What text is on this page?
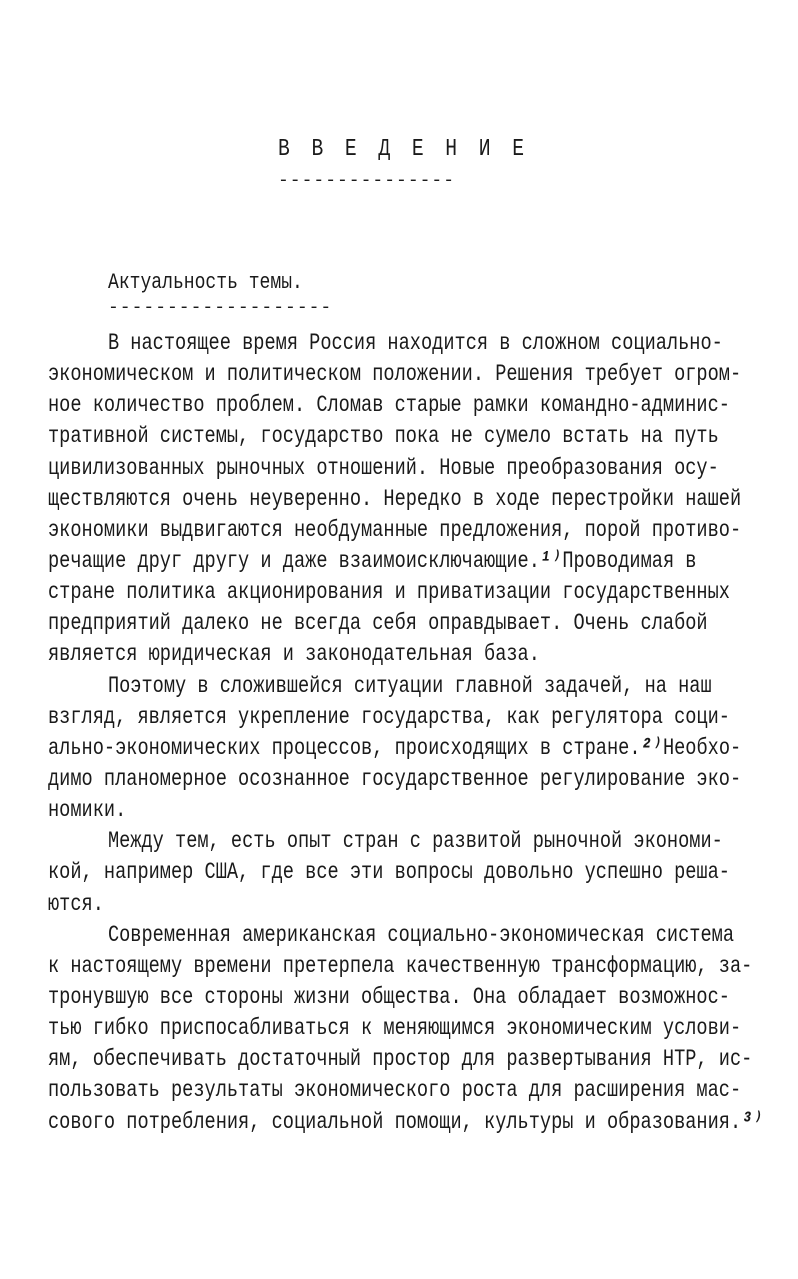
В В Е Д Е Н И Е
---------------
Актуальность темы.
-------------------
В настоящее время Россия находится в сложном социально-
экономическом и политическом положении. Решения требует огром-
ное количество проблем. Сломав старые рамки командно-админис-
тративной системы, государство пока не сумело встать на путь
цивилизованных рыночных отношений. Новые преобразования осу-
ществляются очень неуверенно. Нередко в ходе перестройки нашей
экономики выдвигаются необдуманные предложения, порой противо-
речащие друг другу и даже взаимоисключающие.¹⁾Проводимая в
стране политика акционирования и приватизации государственных
предприятий далеко не всегда себя оправдывает. Очень слабой
является юридическая и законодательная база.
Поэтому в сложившейся ситуации главной задачей, на наш
взгляд, является укрепление государства, как регулятора соци-
ально-экономических процессов, происходящих в стране.²⁾Необхо-
димо планомерное осознанное государственное регулирование эко-
номики.
Между тем, есть опыт стран с развитой рыночной экономи-
кой, например США, где все эти вопросы довольно успешно реша-
ются.
Современная американская социально-экономическая система
к настоящему времени претерпела качественную трансформацию, за-
тронувшую все стороны жизни общества. Она обладает возможнос-
тью гибко приспосабливаться к меняющимся экономическим услови-
ям, обеспечивать достаточный простор для развертывания НТР, ис-
пользовать результаты экономического роста для расширения мас-
сового потребления, социальной помощи, культуры и образования.³⁾
